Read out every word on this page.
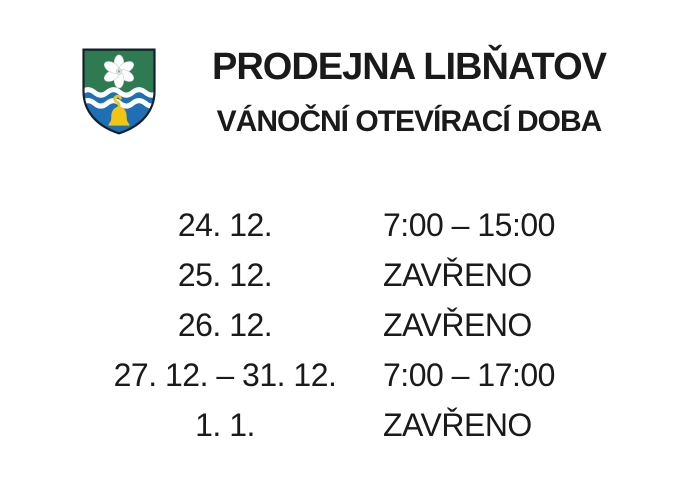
PRODEJNA LIBŇATOV
VÁNOČNÍ OTEVÍRACÍ DOBA
24. 12.	7:00 – 15:00
25. 12.	ZAVŘENO
26. 12.	ZAVŘENO
27. 12. – 31. 12.	7:00 – 17:00
1. 1.	ZAVŘENO
